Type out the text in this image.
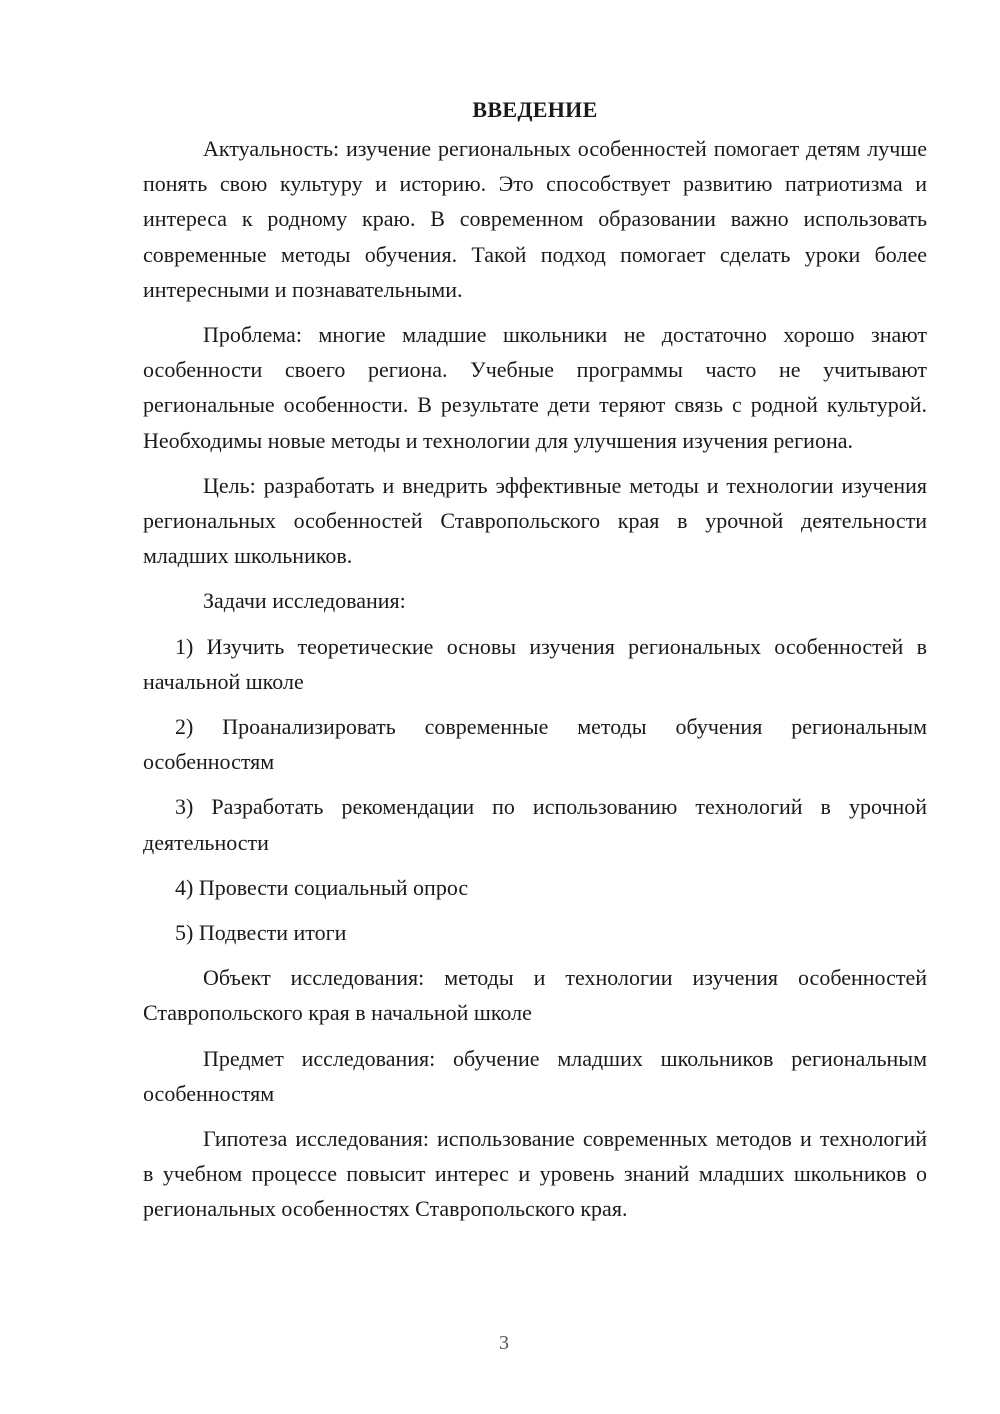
ВВЕДЕНИЕ

Актуальность: изучение региональных особенностей помогает детям лучше понять свою культуру и историю. Это способствует развитию патриотизма и интереса к родному краю. В современном образовании важно использовать современные методы обучения. Такой подход помогает сделать уроки более интересными и познавательными.

Проблема: многие младшие школьники не достаточно хорошо знают особенности своего региона. Учебные программы часто не учитывают региональные особенности. В результате дети теряют связь с родной культурой. Необходимы новые методы и технологии для улучшения изучения региона.

Цель: разработать и внедрить эффективные методы и технологии изучения региональных особенностей Ставропольского края в урочной деятельности младших школьников.

Задачи исследования:

1) Изучить теоретические основы изучения региональных особенностей в начальной школе

2) Проанализировать современные методы обучения региональным особенностям

3) Разработать рекомендации по использованию технологий в урочной деятельности

4) Провести социальный опрос

5) Подвести итоги

Объект исследования: методы и технологии изучения особенностей Ставропольского края в начальной школе

Предмет исследования: обучение младших школьников региональным особенностям

Гипотеза исследования: использование современных методов и технологий в учебном процессе повысит интерес и уровень знаний младших школьников о региональных особенностях Ставропольского края.

3
